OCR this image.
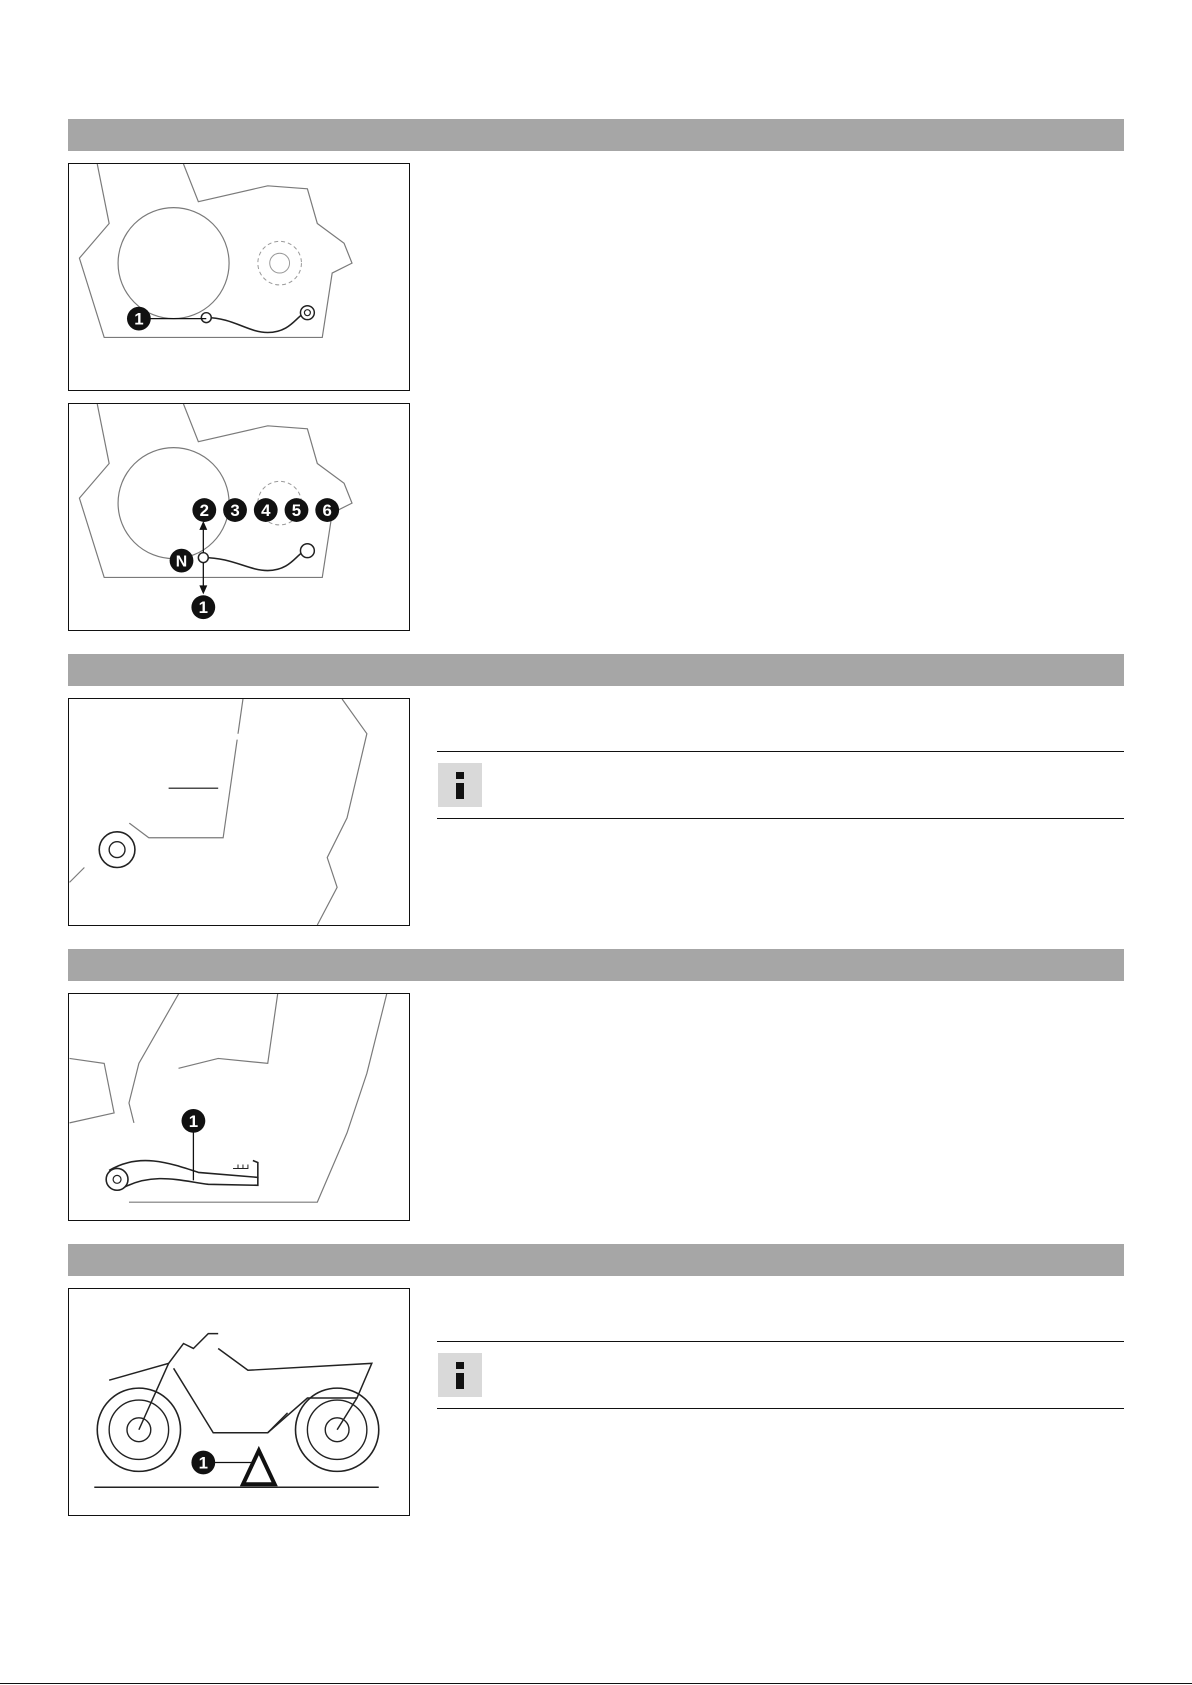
1
N
1
2 3 4 5 6
1
1
